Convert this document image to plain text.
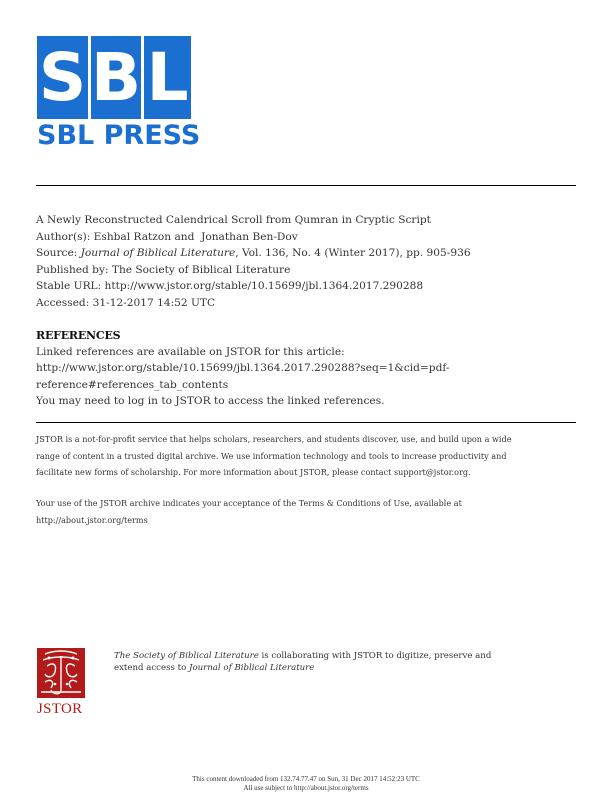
S B L
SBL PRESS
A Newly Reconstructed Calendrical Scroll from Qumran in Cryptic Script
Author(s): Eshbal Ratzon and  Jonathan Ben-Dov
Source: Journal of Biblical Literature, Vol. 136, No. 4 (Winter 2017), pp. 905-936
Published by: The Society of Biblical Literature
Stable URL: http://www.jstor.org/stable/10.15699/jbl.1364.2017.290288
Accessed: 31-12-2017 14:52 UTC
REFERENCES
Linked references are available on JSTOR for this article:
http://www.jstor.org/stable/10.15699/jbl.1364.2017.290288?seq=1&cid=pdf-
reference#references_tab_contents
You may need to log in to JSTOR to access the linked references.
JSTOR is a not-for-profit service that helps scholars, researchers, and students discover, use, and build upon a wide
range of content in a trusted digital archive. We use information technology and tools to increase productivity and
facilitate new forms of scholarship. For more information about JSTOR, please contact support@jstor.org.
Your use of the JSTOR archive indicates your acceptance of the Terms & Conditions of Use, available at
http://about.jstor.org/terms
JSTOR
The Society of Biblical Literature is collaborating with JSTOR to digitize, preserve and
extend access to Journal of Biblical Literature
This content downloaded from 132.74.77.47 on Sun, 31 Dec 2017 14:52:23 UTC
All use subject to http://about.jstor.org/terms
